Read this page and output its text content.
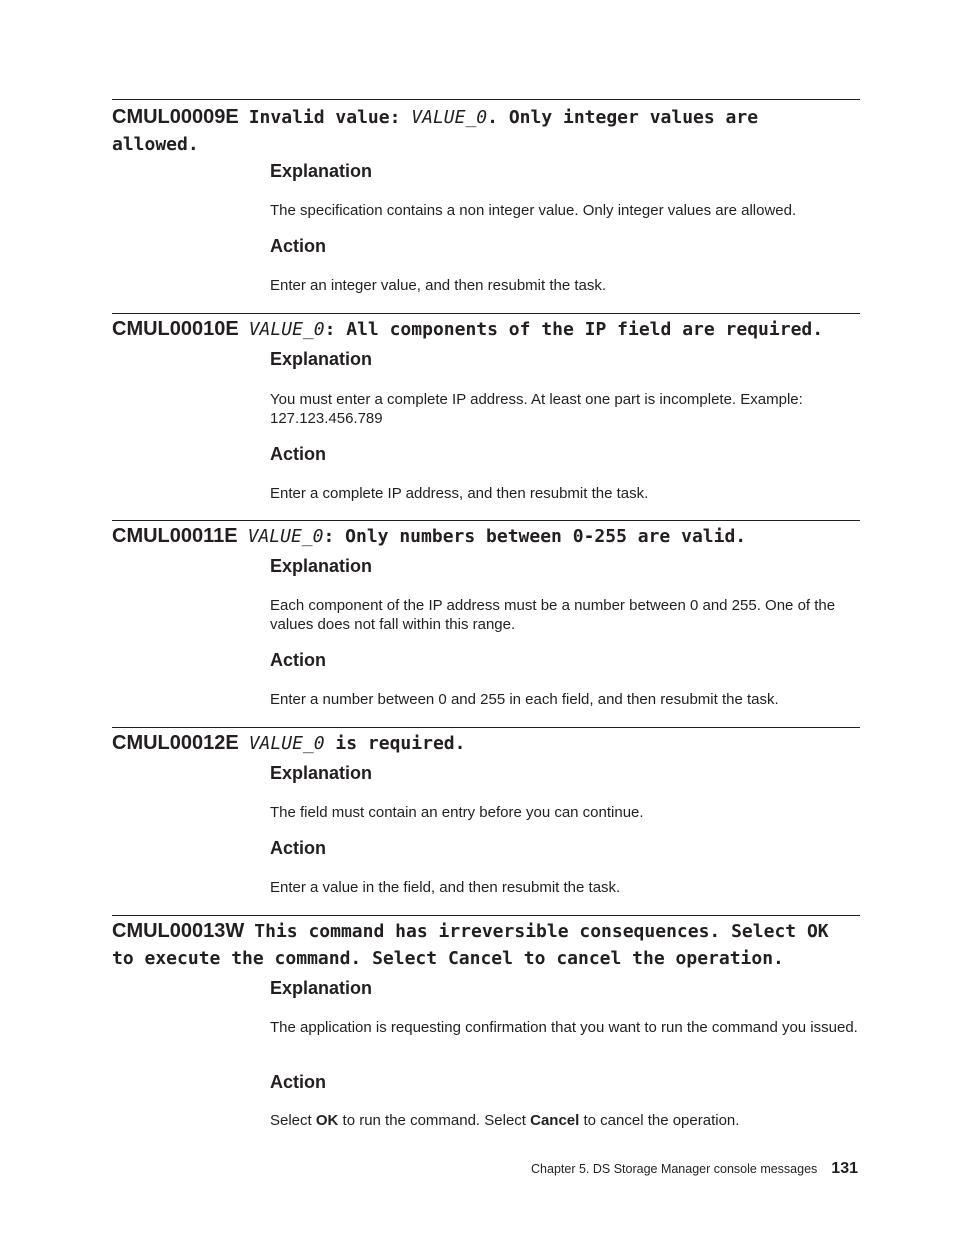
CMUL00009E Invalid value: VALUE_0. Only integer values are allowed.

Explanation

The specification contains a non integer value. Only integer values are allowed.

Action

Enter an integer value, and then resubmit the task.

CMUL00010E VALUE_0: All components of the IP field are required.

Explanation

You must enter a complete IP address. At least one part is incomplete. Example: 127.123.456.789

Action

Enter a complete IP address, and then resubmit the task.

CMUL00011E VALUE_0: Only numbers between 0-255 are valid.

Explanation

Each component of the IP address must be a number between 0 and 255. One of the values does not fall within this range.

Action

Enter a number between 0 and 255 in each field, and then resubmit the task.

CMUL00012E VALUE_0 is required.

Explanation

The field must contain an entry before you can continue.

Action

Enter a value in the field, and then resubmit the task.

CMUL00013W This command has irreversible consequences. Select OK to execute the command. Select Cancel to cancel the operation.

Explanation

The application is requesting confirmation that you want to run the command you issued.

Action

Select OK to run the command. Select Cancel to cancel the operation.

Chapter 5. DS Storage Manager console messages 131
